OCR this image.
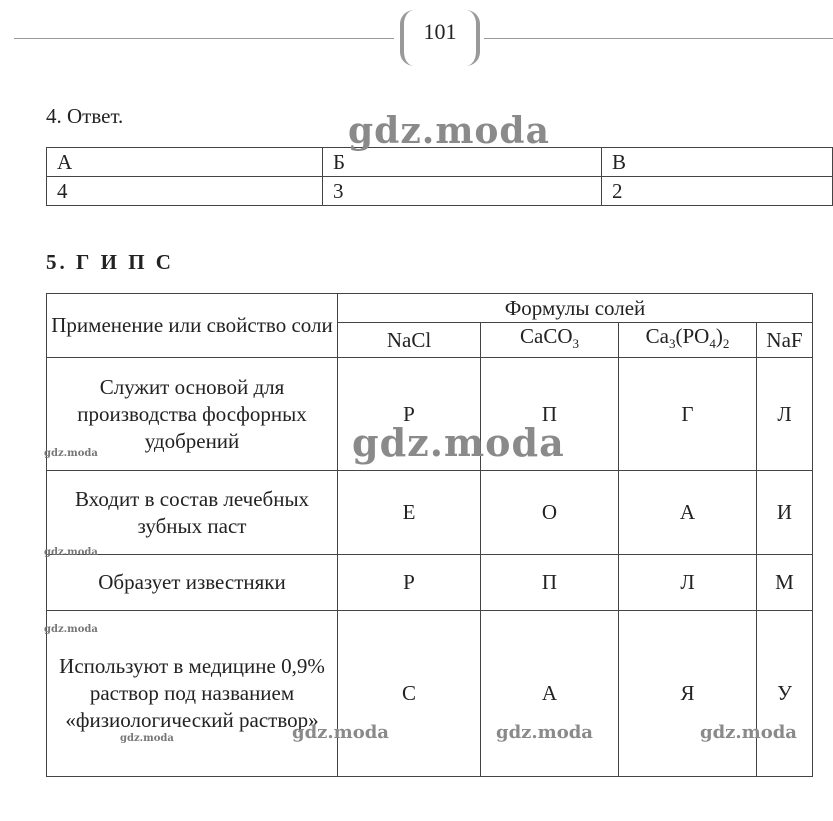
101
4. Ответ.
А	Б	В
4	3	2
5. Г И П С
Применение или свойство соли	Формулы солей			
	NaCl	CaCO$_3$	$Ca_3(PO_4)_2$	NaF
Служит основой для производства фосфорных удобрений	Р	П	Г	Л
Входит в состав лечебных зубных паст	Е	О	А	И
Образует известняки	Р	П	Л	М
Используют в медицине 0,9% раствор под названием «физиологический раствор»	С	А	Я	У
gdz.moda
gdz.moda
gdz.moda
gdz.moda
gdz.moda
gdz.moda	gdz.moda	gdz.moda	gdz.moda
